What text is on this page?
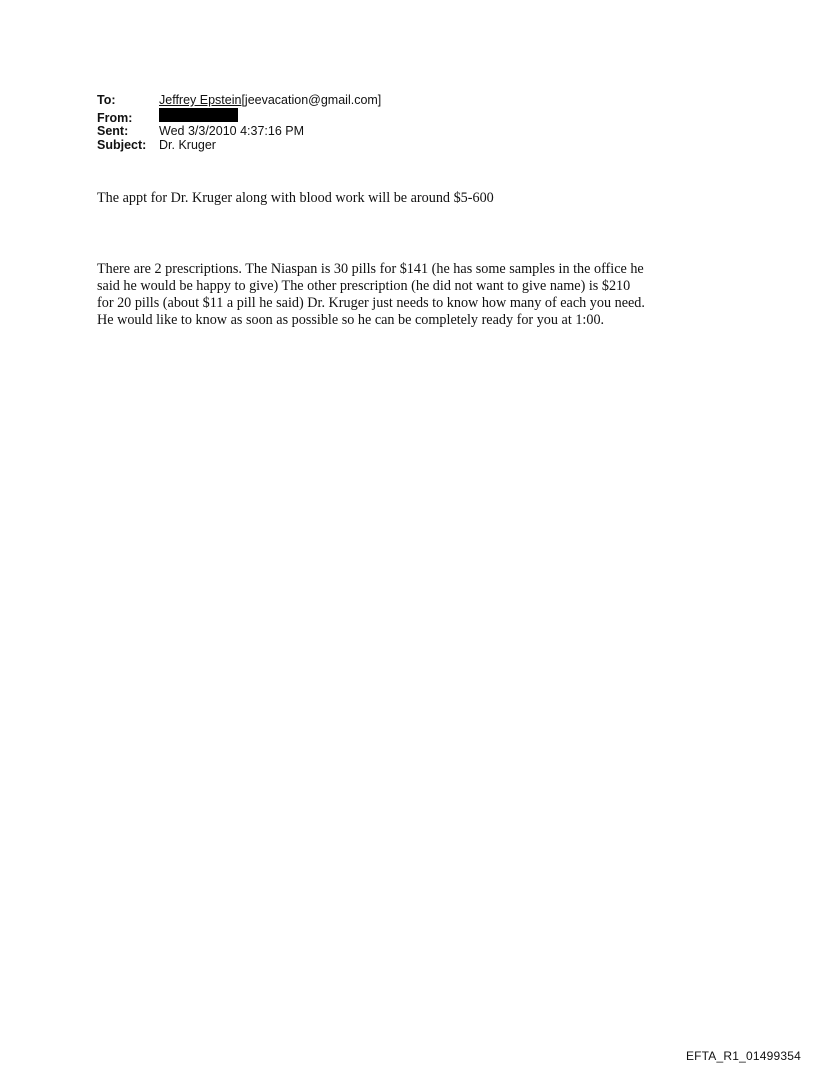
To:	Jeffrey Epstein[jeevacation@gmail.com]
From:
Sent:	Wed 3/3/2010 4:37:16 PM
Subject:	Dr. Kruger
The appt for Dr. Kruger along with blood work will be around $5-600
There are 2 prescriptions. The Niaspan is 30 pills for $141 (he has some samples in the office he
said he would be happy to give) The other prescription (he did not want to give name) is $210
for 20 pills (about $11 a pill he said) Dr. Kruger just needs to know how many of each you need.
He would like to know as soon as possible so he can be completely ready for you at 1:00.
EFTA_R1_01499354
